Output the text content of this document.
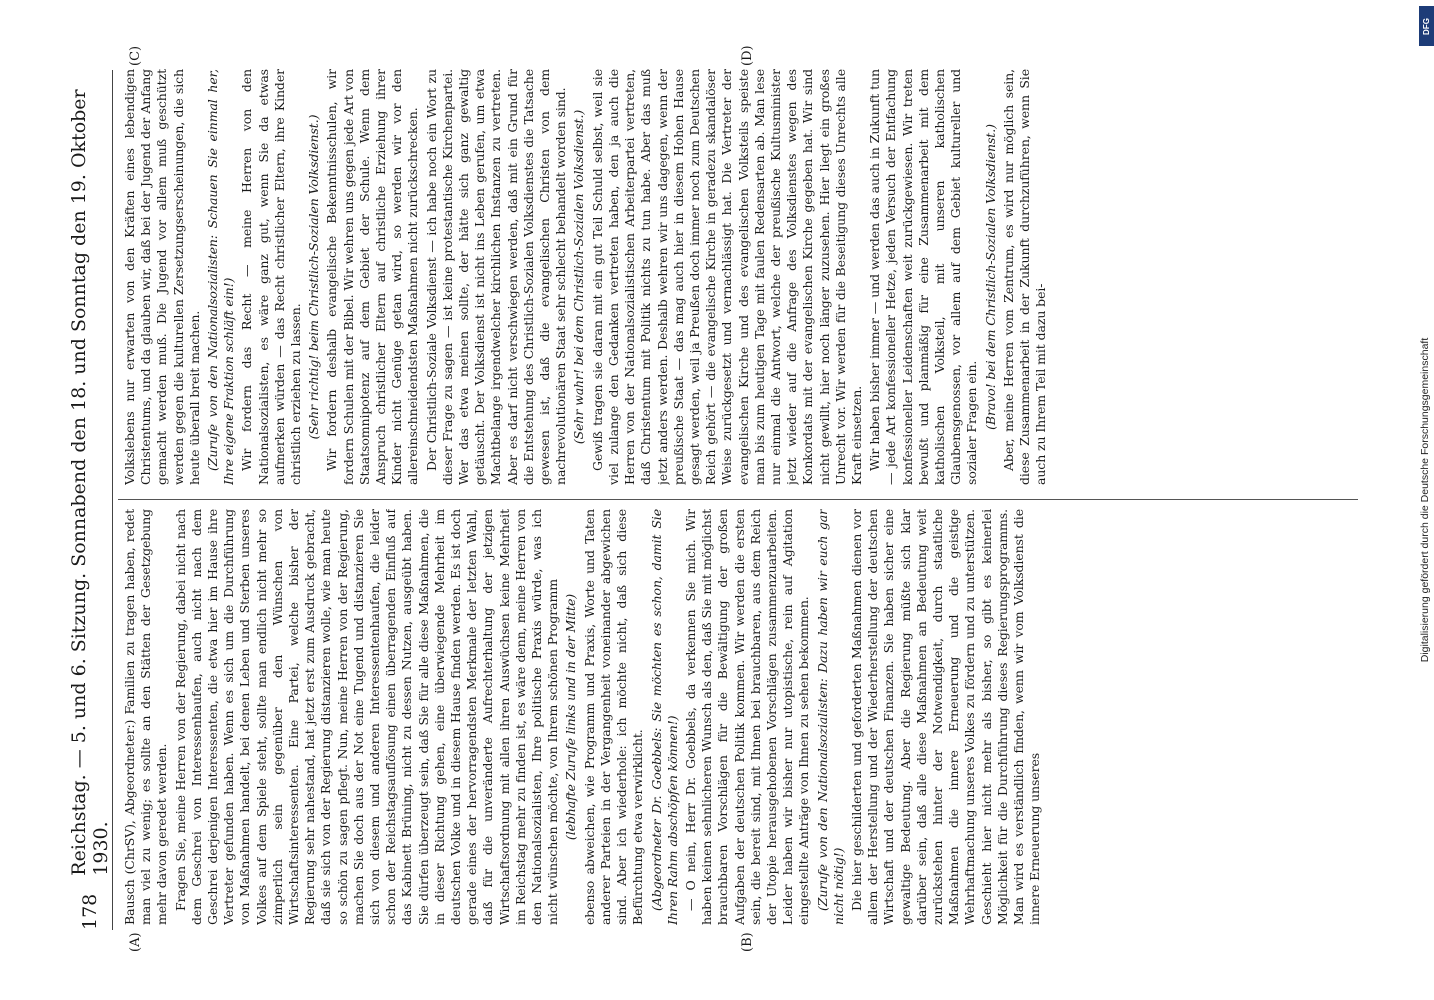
178
Reichstag. — 5. und 6. Sitzung. Sonnabend den 18. und Sonntag den 19. Oktober 1930.
(A)	(B)
(C)	(D)

Bausch (ChrSV), Abgeordneter:) Familien zu tragen haben, redet man viel zu wenig; es sollte an den Stätten der Gesetzgebung mehr davon geredet werden. Fragen Sie, meine Herren von der Regierung, dabei nicht nach dem Geschrei von Interessenhaufen, auch nicht nach dem Geschrei derjenigen Interessenten, die etwa hier im Hause ihre Vertreter gefunden haben. Wenn es sich um die Durchführung von Maßnahmen handelt, bei denen Leben und Sterben unseres Volkes auf dem Spiele steht, sollte man endlich nicht mehr so zimperlich sein gegenüber den Wünschen von Wirtschaftsinteressenten. Eine Partei, welche bisher der Regierung sehr nahestand, hat jetzt erst zum Ausdruck gebracht, daß sie sich von der Regierung distanzieren wolle, wie man heute so schön zu sagen pflegt. Nun, meine Herren von der Regierung, machen Sie doch aus der Not eine Tugend und distanzieren Sie sich von diesem und anderen Interessentenhaufen, die leider schon der Reichstagsauflösung einen überragenden Einfluß auf das Kabinett Brüning, nicht zu dessen Nutzen, ausgeübt haben. Sie dürfen überzeugt sein, daß Sie für alle diese Maßnahmen, die in dieser Richtung gehen, eine überwiegende Mehrheit im deutschen Volke und in diesem Hause finden werden. Es ist doch gerade eines der hervorragendsten Merkmale der letzten Wahl, daß für die unveränderte Aufrechterhaltung der jetzigen Wirtschaftsordnung mit allen ihren Auswüchsen keine Mehrheit im Reichstag mehr zu finden ist, es wäre denn, meine Herren von den Nationalsozialisten, Ihre politische Praxis würde, was ich nicht wünschen möchte, von Ihrem schönen Programm (lebhafte Zurufe links und in der Mitte) ebenso abweichen, wie Programm und Praxis, Worte und Taten anderer Parteien in der Vergangenheit voneinander abgewichen sind. Aber ich wiederhole: ich möchte nicht, daß sich diese Befürchtung etwa verwirklicht. (Abgeordneter Dr. Goebbels: Sie möchten es schon, damit Sie Ihren Rahm abschöpfen können!) — O nein, Herr Dr. Goebbels, da verkennen Sie mich. Wir haben keinen sehnlicheren Wunsch als den, daß Sie mit möglichst brauchbaren Vorschlägen für die Bewältigung der großen Aufgaben der deutschen Politik kommen. Wir werden die ersten sein, die bereit sind, mit Ihnen bei brauchbaren, aus dem Reich der Utopie herausgehobenen Vorschlägen zusammenzuarbeiten. Leider haben wir bisher nur utopistische, rein auf Agitation eingestellte Anträge von Ihnen zu sehen bekommen. (Zurufe von den Nationalsozialisten: Dazu haben wir euch gar nicht nötig!) Die hier geschilderten und geforderten Maßnahmen dienen vor allem der Herstellung und der Wiederherstellung der deutschen Wirtschaft und der deutschen Finanzen. Sie haben sicher eine gewaltige Bedeutung. Aber die Regierung müßte sich klar darüber sein, daß alle diese Maßnahmen an Bedeutung weit zurückstehen hinter der Notwendigkeit, durch staatliche Maßnahmen die innere Erneuerung und die geistige Wehrhaftmachung unseres Volkes zu fördern und zu unterstützen. Geschieht hier nicht mehr als bisher, so gibt es keinerlei Möglichkeit für die Durchführung dieses Regierungsprogramms. Man wird es verständlich finden, wenn wir vom Volksdienst die innere Erneuerung unseres

Volkslebens nur erwarten von den Kräften eines lebendigen Christentums, und da glauben wir, daß bei der Jugend der Anfang gemacht werden muß. Die Jugend vor allem muß geschützt werden gegen die kulturellen Zersetzungserscheinungen, die sich heute überall breit machen. (Zurufe von den Nationalsozialisten: Schauen Sie einmal her, Ihre eigene Fraktion schläft ein!) Wir fordern das Recht — meine Herren von den Nationalsozialisten, es wäre ganz gut, wenn Sie da etwas aufmerken würden — das Recht christlicher Eltern, ihre Kinder christlich erziehen zu lassen. (Sehr richtig! beim Christlich-Sozialen Volksdienst.) Wir fordern deshalb evangelische Bekenntnisschulen, wir fordern Schulen mit der Bibel. Wir wehren uns gegen jede Art von Staatsomnipotenz auf dem Gebiet der Schule. Wenn dem Anspruch christlicher Eltern auf christliche Erziehung ihrer Kinder nicht Genüge getan wird, so werden wir vor den allereinschneidendsten Maßnahmen nicht zurückschrecken. Der Christlich-Soziale Volksdienst — ich habe noch ein Wort zu dieser Frage zu sagen — ist keine protestantische Kirchenpartei. Wer das etwa meinen sollte, der hätte sich ganz gewaltig getäuscht. Der Volksdienst ist nicht ins Leben gerufen, um etwa Machtbelange irgendwelcher kirchlichen Instanzen zu vertreten. Aber es darf nicht verschwiegen werden, daß mit ein Grund für die Entstehung des Christlich-Sozialen Volksdienstes die Tatsache gewesen ist, daß die evangelischen Christen von dem nachrevolutionären Staat sehr schlecht behandelt worden sind. (Sehr wahr! bei dem Christlich-Sozialen Volksdienst.) Gewiß tragen sie daran mit ein gut Teil Schuld selbst, weil sie viel zulange den Gedanken vertreten haben, den ja auch die Herren von der Nationalsozialistischen Arbeiterpartei vertreten, daß Christentum mit Politik nichts zu tun habe. Aber das muß jetzt anders werden. Deshalb wehren wir uns dagegen, wenn der preußische Staat — das mag auch hier in diesem Hohen Hause gesagt werden, weil ja Preußen doch immer noch zum Deutschen Reich gehört — die evangelische Kirche in geradezu skandalöser Weise zurückgesetzt und vernachlässigt hat. Die Vertreter der evangelischen Kirche und des evangelischen Volksteils speiste man bis zum heutigen Tage mit faulen Redensarten ab. Man lese nur einmal die Antwort, welche der preußische Kultusminister jetzt wieder auf die Anfrage des Volksdienstes wegen des Konkordats mit der evangelischen Kirche gegeben hat. Wir sind nicht gewillt, hier noch länger zuzusehen. Hier liegt ein großes Unrecht vor. Wir werden für die Beseitigung dieses Unrechts alle Kraft einsetzen. Wir haben bisher immer — und werden das auch in Zukunft tun — jede Art konfessioneller Hetze, jeden Versuch der Entfachung konfessioneller Leidenschaften weit zurückgewiesen. Wir treten bewußt und planmäßig für eine Zusammenarbeit mit dem katholischen Volksteil, mit unseren katholischen Glaubensgenossen, vor allem auf dem Gebiet kultureller und sozialer Fragen ein. (Bravo! bei dem Christlich-Sozialen Volksdienst.) Aber, meine Herren vom Zentrum, es wird nur möglich sein, diese Zusammenarbeit in der Zukunft durchzuführen, wenn Sie auch zu Ihrem Teil mit dazu bei-

DFG
Digitalisierung gefördert durch die Deutsche Forschungsgemeinschaft
